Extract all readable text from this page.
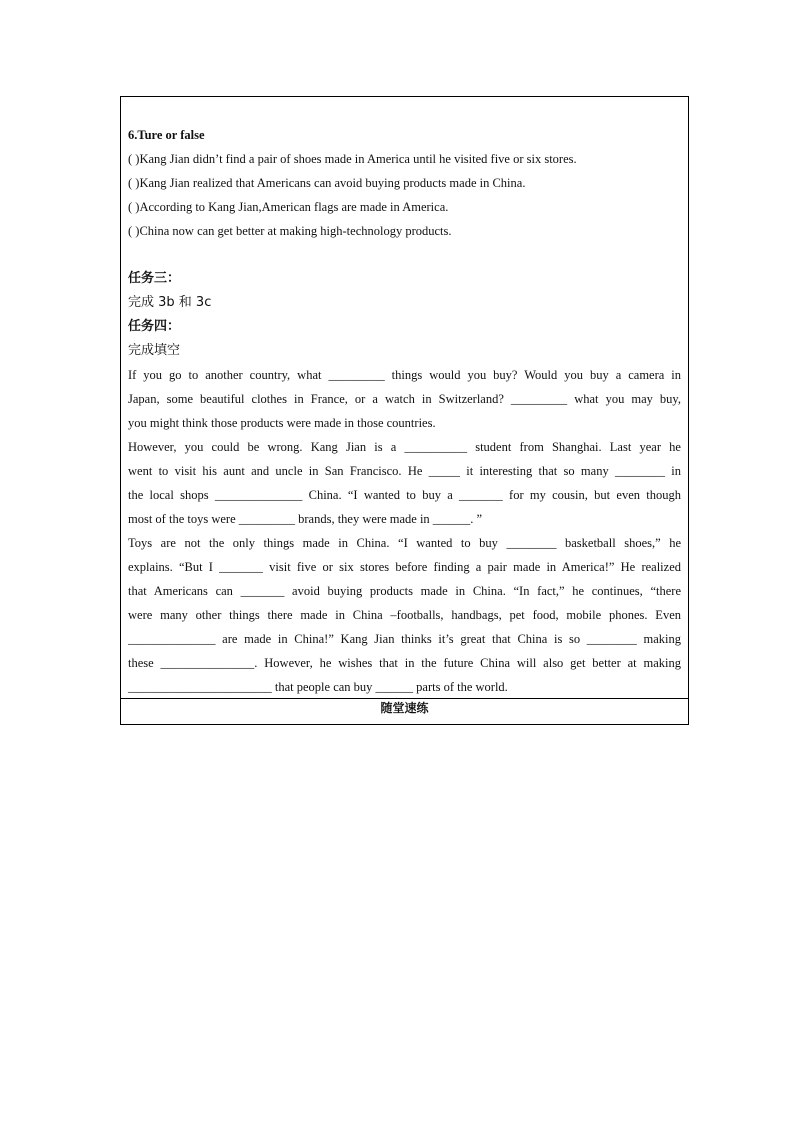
6.Ture or false
( )Kang Jian didn’t find a pair of shoes made in America until he visited five or six stores.
( )Kang Jian realized that Americans can avoid buying products made in China.
( )According to Kang Jian,American flags are made in America.
( )China now can get better at making high-technology products.
任务三：
完成 3b 和 3c
任务四：
完成填空
If you go to another country, what _________ things would you buy? Would you buy a camera in
Japan, some beautiful clothes in France, or a watch in Switzerland? _________ what you may buy,
you might think those products were made in those countries.
However, you could be wrong. Kang Jian is a __________ student from Shanghai. Last year he
went to visit his aunt and uncle in San Francisco. He _____ it interesting that so many ________ in
the local shops ______________ China. “I wanted to buy a _______ for my cousin, but even though
most of the toys were _________ brands, they were made in ______. ”
Toys are not the only things made in China. “I wanted to buy ________ basketball shoes,” he
explains. “But I _______ visit five or six stores before finding a pair made in America!” He realized
that Americans can _______ avoid buying products made in China. “In fact,” he continues, “there
were many other things there made in China –footballs, handbags, pet food, mobile phones. Even
______________ are made in China!” Kang Jian thinks it’s great that China is so ________ making
these _______________. However, he wishes that in the future China will also get better at making
_______________________ that people can buy ______ parts of the world.
随堂速练
